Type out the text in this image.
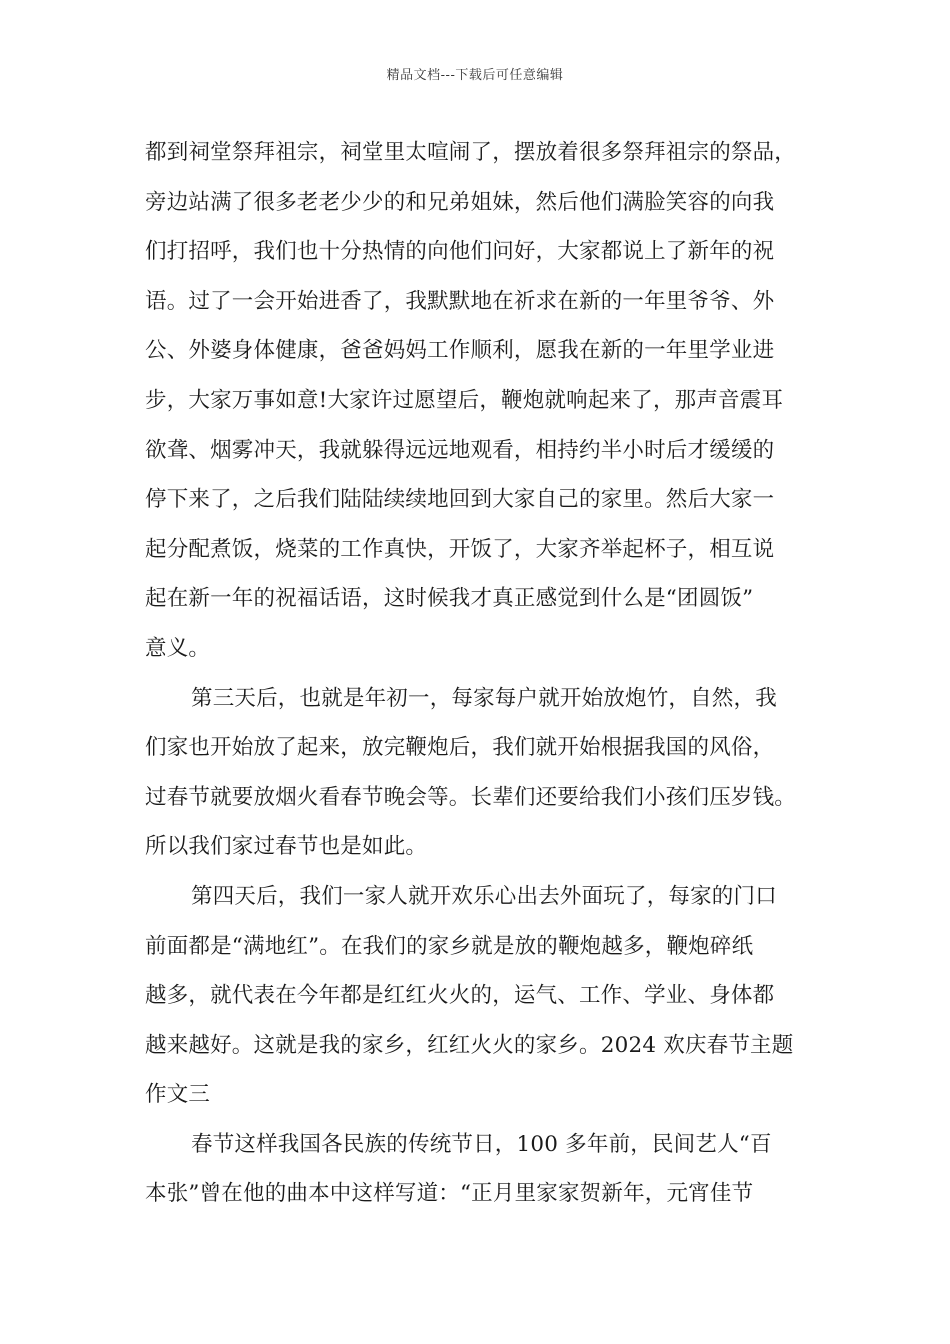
精品文档---下载后可任意编辑
都到祠堂祭拜祖宗，祠堂里太喧闹了，摆放着很多祭拜祖宗的祭品，
旁边站满了很多老老少少的和兄弟姐妹，然后他们满脸笑容的向我
们打招呼，我们也十分热情的向他们问好，大家都说上了新年的祝
语。过了一会开始进香了，我默默地在祈求在新的一年里爷爷、外
公、外婆身体健康，爸爸妈妈工作顺利，愿我在新的一年里学业进
步，大家万事如意!大家许过愿望后，鞭炮就响起来了，那声音震耳
欲聋、烟雾冲天，我就躲得远远地观看，相持约半小时后才缓缓的
停下来了，之后我们陆陆续续地回到大家自己的家里。然后大家一
起分配煮饭，烧菜的工作真快，开饭了，大家齐举起杯子，相互说
起在新一年的祝福话语，这时候我才真正感觉到什么是“团圆饭”
意义。
第三天后，也就是年初一，每家每户就开始放炮竹，自然，我
们家也开始放了起来，放完鞭炮后，我们就开始根据我国的风俗，
过春节就要放烟火看春节晚会等。长辈们还要给我们小孩们压岁钱。
所以我们家过春节也是如此。
第四天后，我们一家人就开欢乐心出去外面玩了，每家的门口
前面都是“满地红”。在我们的家乡就是放的鞭炮越多，鞭炮碎纸
越多，就代表在今年都是红红火火的，运气、工作、学业、身体都
越来越好。这就是我的家乡，红红火火的家乡。2024 欢庆春节主题
作文三
春节这样我国各民族的传统节日，100 多年前，民间艺人“百
本张”曾在他的曲本中这样写道：“正月里家家贺新年，元宵佳节
